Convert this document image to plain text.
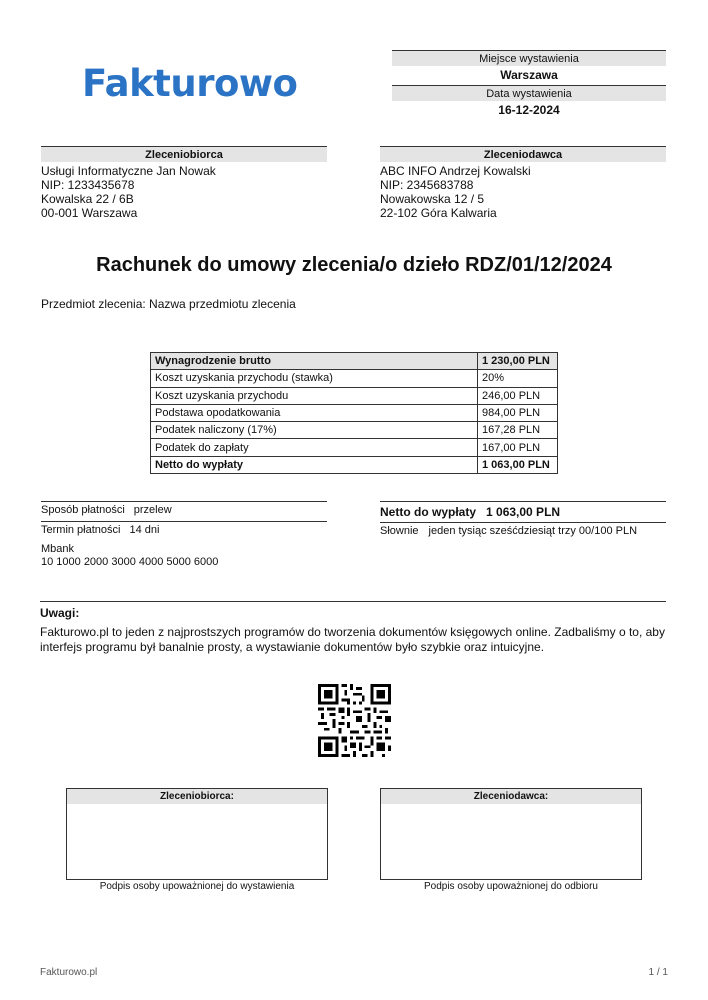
Fakturowo
Miejsce wystawienia
Warszawa
Data wystawienia
16-12-2024
Zleceniobiorca
Usługi Informatyczne Jan Nowak
NIP: 1233435678
Kowalska 22 / 6B
00-001 Warszawa
Zleceniodawca
ABC INFO Andrzej Kowalski
NIP: 2345683788
Nowakowska 12 / 5
22-102 Góra Kalwaria
Rachunek do umowy zlecenia/o dzieło RDZ/01/12/2024
Przedmiot zlecenia: Nazwa przedmiotu zlecenia
Wynagrodzenie brutto	1 230,00 PLN
Koszt uzyskania przychodu (stawka)	20%
Koszt uzyskania przychodu	246,00 PLN
Podstawa opodatkowania	984,00 PLN
Podatek naliczony (17%)	167,28 PLN
Podatek do zapłaty	167,00 PLN
Netto do wypłaty	1 063,00 PLN
Sposób płatności przelew
Termin płatności 14 dni
Mbank
10 1000 2000 3000 4000 5000 6000
Netto do wypłaty 1 063,00 PLN
Słownie jeden tysiąc sześćdziesiąt trzy 00/100 PLN
Uwagi:
Fakturowo.pl to jeden z najprostszych programów do tworzenia dokumentów księgowych online. Zadbaliśmy o to, aby interfejs programu był banalnie prosty, a wystawianie dokumentów było szybkie oraz intuicyjne.
Zleceniobiorca:
Podpis osoby upoważnionej do wystawienia
Zleceniodawca:
Podpis osoby upoważnionej do odbioru
Fakturowo.pl	1 / 1
